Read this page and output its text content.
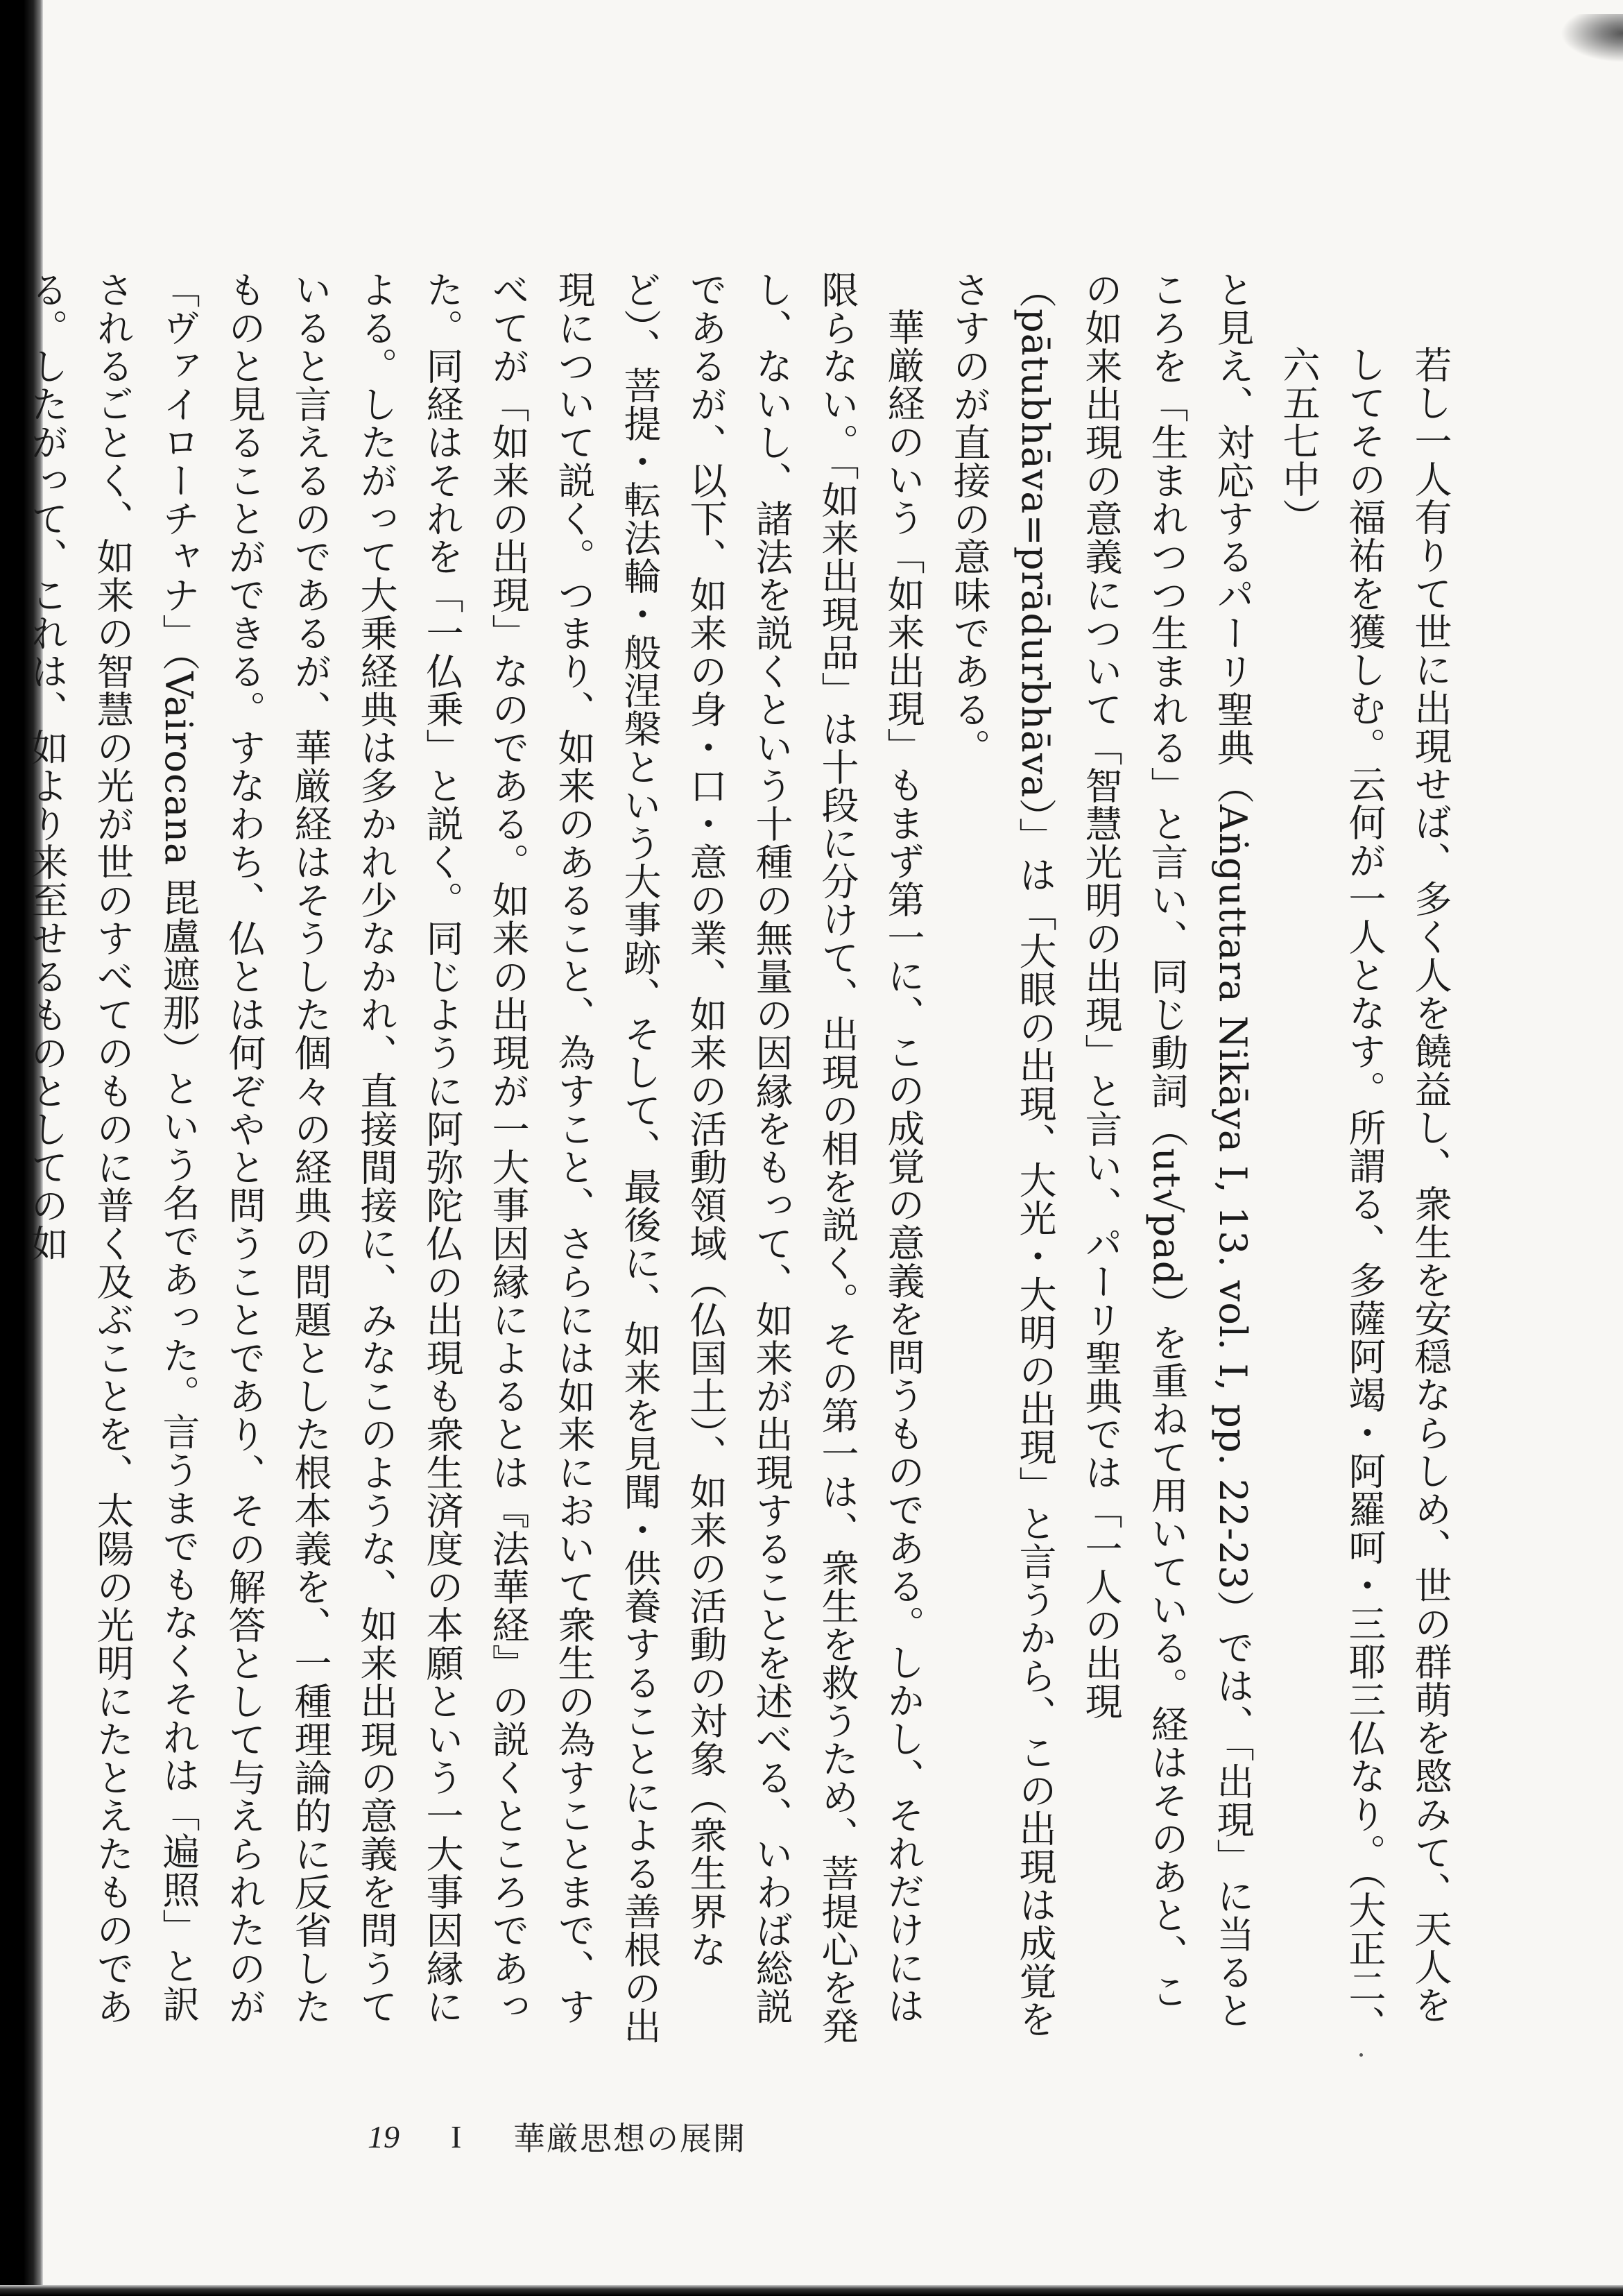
若し一人有りて世に出現せば、多く人を饒益し、衆生を安穏ならしめ、世の群萌を愍みて、天人をしてその福祐を獲しむ。云何が一人となす。所謂る、多薩阿竭・阿羅呵・三耶三仏なり。（大正二、六五七中）

と見え、対応するパーリ聖典（Aṅguttara Nikāya I, 13. vol. I, pp. 22-23）では、「出現」に当るところを「生まれつつ生まれる」と言い、同じ動詞（ut√pad）を重ねて用いている。経はそのあと、この如来出現の意義について「智慧光明の出現」と言い、パーリ聖典では「一人の出現（pātubhāva=prādurbhāva）」は「大眼の出現、大光・大明の出現」と言うから、この出現は成覚をさすのが直接の意味である。

華厳経のいう「如来出現」もまず第一に、この成覚の意義を問うものである。しかし、それだけには限らない。「如来出現品」は十段に分けて、出現の相を説く。その第一は、衆生を救うため、菩提心を発し、ないし、諸法を説くという十種の無量の因縁をもって、如来が出現することを述べる、いわば総説であるが、以下、如来の身・口・意の業、如来の活動領域（仏国土）、如来の活動の対象（衆生界など）、菩提・転法輪・般涅槃という大事跡、そして、最後に、如来を見聞・供養することによる善根の出現について説く。つまり、如来のあること、為すこと、さらには如来において衆生の為すことまで、すべてが「如来の出現」なのである。如来の出現が一大事因縁によるとは『法華経』の説くところであった。同経はそれを「一仏乗」と説く。同じように阿弥陀仏の出現も衆生済度の本願という一大事因縁による。したがって大乗経典は多かれ少なかれ、直接間接に、みなこのような、如来出現の意義を問うていると言えるのであるが、華厳経はそうした個々の経典の問題とした根本義を、一種理論的に反省したものと見ることができる。すなわち、仏とは何ぞやと問うことであり、その解答として与えられたのが「ヴァイローチャナ」（Vairocana 毘盧遮那）という名であった。言うまでもなくそれは「遍照」と訳されるごとく、如来の智慧の光が世のすべてのものに普く及ぶことを、太陽の光明にたとえたものである。したがって、これは、如より来至せるものとしての如

19	I	華厳思想の展開
